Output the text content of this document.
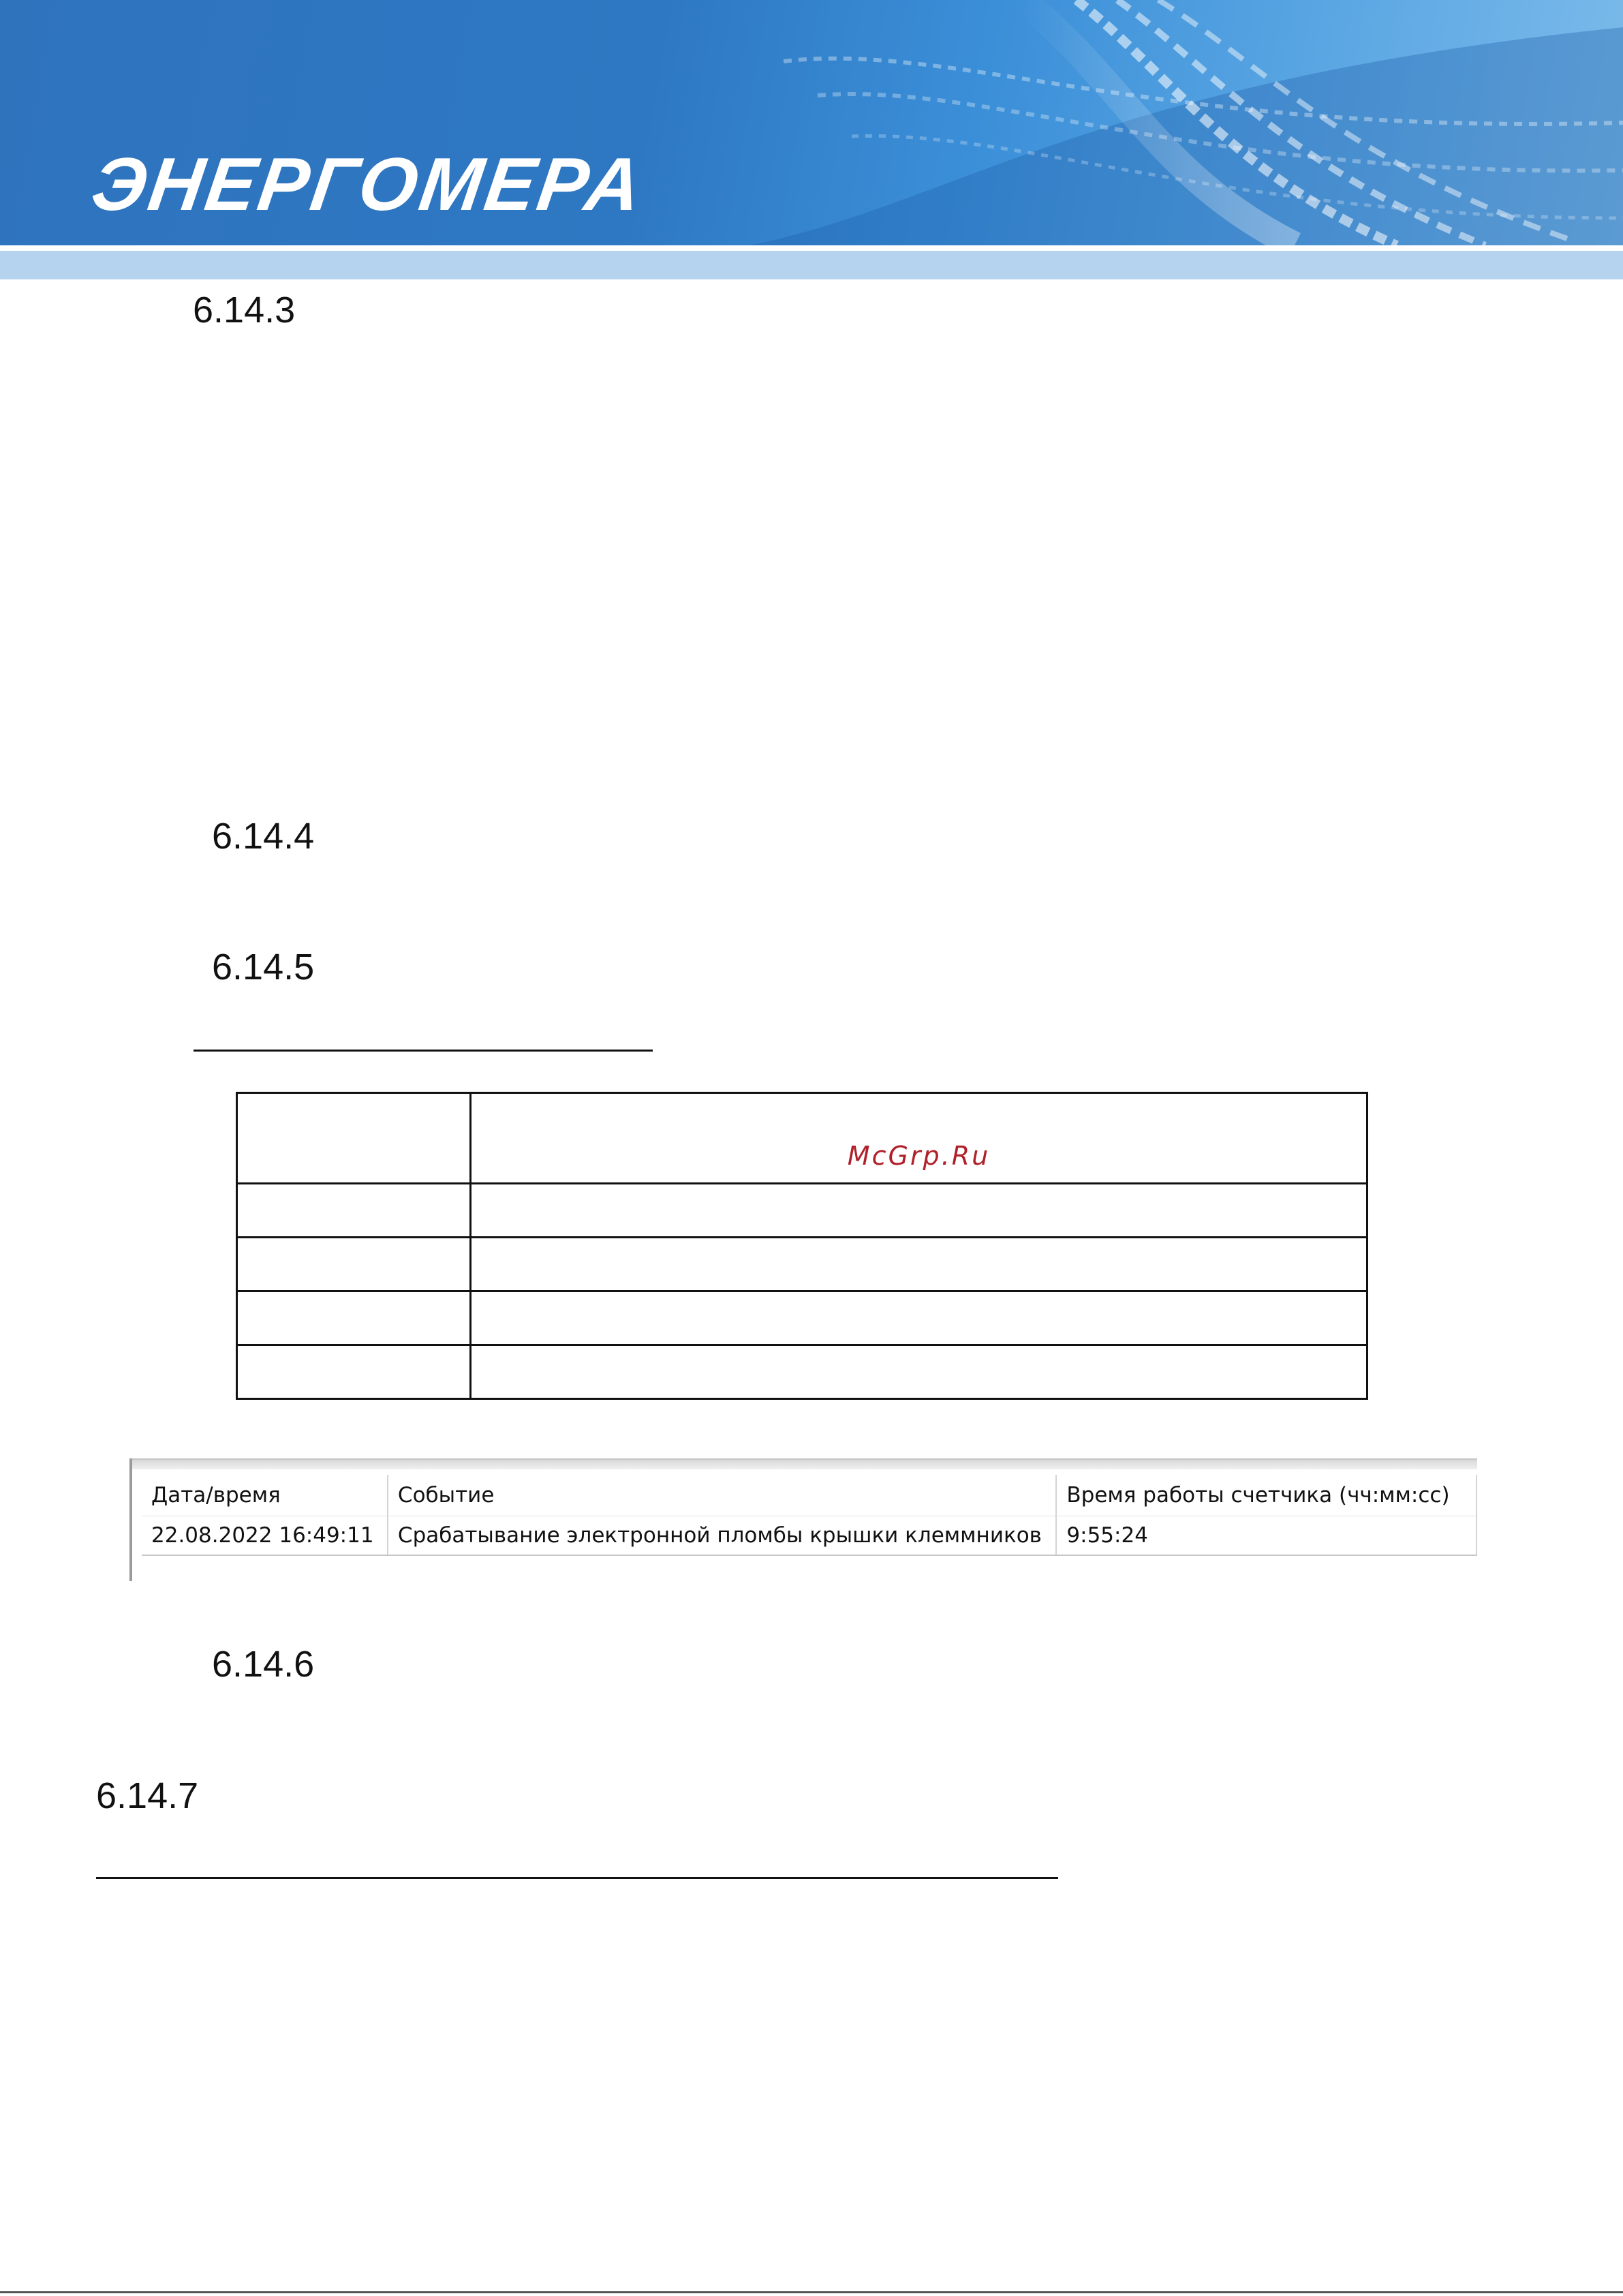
ЭНЕРГОМЕРА
6.14.3
6.14.4
6.14.5

	McGrp.Ru

Дата/время	Событие	Время работы счетчика (чч:мм:сс)
22.08.2022 16:49:11	Срабатывание электронной пломбы крышки клеммников	9:55:24
6.14.6
6.14.7
